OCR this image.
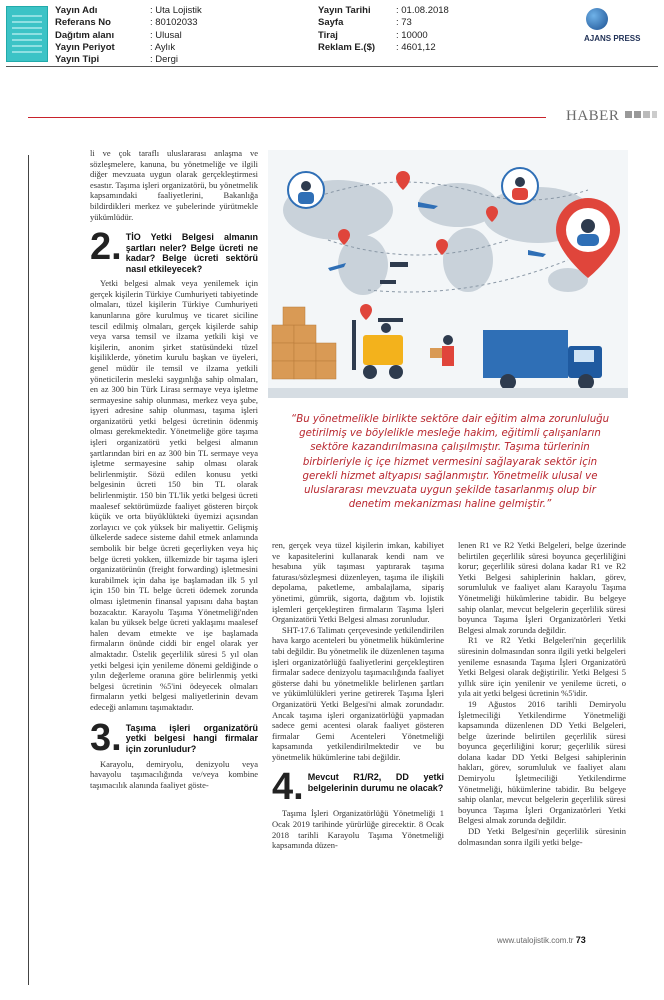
Yayın Adı	: Uta Lojistik
Referans No	: 80102033
Dağıtım alanı	: Ulusal
Yayın Periyot	: Aylık
Yayın Tipi	: Dergi
Yayın Tarihi	: 01.08.2018
Sayfa	: 73
Tiraj	: 10000
Reklam E.($)	: 4601,12
AJANS PRESS
HABER

li ve çok taraflı uluslararası anlaşma ve sözleşmelere, kanuna, bu yönetmeliğe ve ilgili diğer mevzuata uygun olarak gerçekleştirmesi esastır. Taşıma işleri organizatörü, bu yönetmelik kapsamındaki faaliyetlerini, Bakanlığa bildirdikleri merkez ve şubelerinde yürütmekle yükümlüdür.

2. TİO Yetki Belgesi almanın şartları neler? Belge ücreti ne kadar? Belge ücreti sektörü nasıl etkileyecek?

Yetki belgesi almak veya yenilemek için gerçek kişilerin Türkiye Cumhuriyeti tabiyetinde olmaları, tüzel kişilerin Türkiye Cumhuriyeti kanunlarına göre kurulmuş ve ticaret siciline tescil edilmiş olmaları, gerçek kişilerde sahip veya varsa temsil ve ilzama yetkili kişi ve kişilerin, anonim şirket statüsündeki tüzel kişiliklerde, yönetim kurulu başkan ve üyeleri, genel müdür ile temsil ve ilzama yetkili yöneticilerin mesleki saygınlığa sahip olmaları, en az 300 bin Türk Lirası sermaye veya işletme sermayesine sahip olunması, merkez veya şube, işyeri adresine sahip olunması, taşıma işleri organizatörü yetki belgesi ücretinin ödenmiş olması gerekmektedir. Yönetmeliğe göre taşıma işleri organizatörü yetki belgesi almanın şartlarından biri en az 300 bin TL sermaye veya işletme sermayesine sahip olması olarak belirlenmiştir. Sözü edilen konusu yetki belgesinin ücreti 150 bin TL olarak belirlenmiştir. 150 bin TL'lik yetki belgesi ücreti maalesef sektörümüzde faaliyet gösteren birçok küçük ve orta büyüklükteki üyemizi açısından zorlayıcı ve çok yüksek bir maliyettir. Gelişmiş ülkelerde sadece sisteme dahil etmek anlamında sembolik bir belge ücreti geçerliyken veya hiç belge ücreti yokken, ülkemizde bir taşıma işleri organizatörünün (freight forwarding) işletmesini kurabilmek için daha işe başlamadan ilk 5 yıl için 150 bin TL belge ücreti ödemek zorunda olması işletmenin finansal yapısını daha baştan bozacaktır. Karayolu Taşıma Yönetmeliği'nden kalan bu yüksek belge ücreti yaklaşımı maalesef halen devam etmekte ve işe başlamada firmaların önünde ciddi bir engel olarak yer almaktadır. Üstelik geçerlilik süresi 5 yıl olan yetki belgesi için yenileme dönemi geldiğinde o yılın değerleme oranına göre belirlenmiş yetki belgesi ücretinin %5'ini ödeyecek olmaları firmaların yetki belgesi maliyetlerinin devam edeceği anlamını taşımaktadır.

3. Taşıma işleri organizatörü yetki belgesi hangi firmalar için zorunludur?

Karayolu, demiryolu, denizyolu veya havayolu taşımacılığında ve/veya kombine taşımacılık alanında faaliyet göste-

ren, gerçek veya tüzel kişilerin imkan, kabiliyet ve kapasitelerini kullanarak kendi nam ve hesabına yük taşıması yaptırarak taşıma faturası/sözleşmesi düzenleyen, taşıma ile ilişkili depolama, paketleme, ambalajlama, sipariş yönetimi, gümrük, sigorta, dağıtım vb. lojistik işlemleri gerçekleştiren firmaların Taşıma İşleri Organizatörü Yetki Belgesi alması zorunludur.

SHT-17.6 Talimatı çerçevesinde yetkilendirilen hava kargo acenteleri bu yönetmelik hükümlerine tabi değildir. Bu yönetmelik ile düzenlenen taşıma işleri organizatörlüğü faaliyetlerini gerçekleştiren firmalar sadece denizyolu taşımacılığında faaliyet gösterse dahi bu yönetmelikle belirlenen şartları ve yükümlülükleri yerine getirerek Taşıma İşleri Organizatörü Yetki Belgesi'ni almak zorundadır. Ancak taşıma işleri organizatörlüğü yapmadan sadece gemi acentesi olarak faaliyet gösteren firmalar Gemi Acenteleri Yönetmeliği kapsamında yetkilendirilmektedir ve bu yönetmelik hükümlerine tabi değildir.

4. Mevcut R1/R2, DD yetki belgelerinin durumu ne olacak?

Taşıma İşleri Organizatörlüğü Yönetmeliği 1 Ocak 2019 tarihinde yürürlüğe girecektir. 8 Ocak 2018 tarihli Karayolu Taşıma Yönetmeliği kapsamında düzen-

lenen R1 ve R2 Yetki Belgeleri, belge üzerinde belirtilen geçerlilik süresi boyunca geçerliliğini korur; geçerlilik süresi dolana kadar R1 ve R2 Yetki Belgesi sahiplerinin hakları, görev, sorumluluk ve faaliyet alanı Karayolu Taşıma Yönetmeliği hükümlerine tabidir. Bu belgeye sahip olanlar, mevcut belgelerin geçerlilik süresi boyunca Taşıma İşleri Organizatörleri Yetki Belgesi almak zorunda değildir.

R1 ve R2 Yetki Belgeleri'nin geçerlilik süresinin dolmasından sonra ilgili yetki belgeleri yenileme esnasında Taşıma İşleri Organizatörü Yetki Belgesi olarak değiştirilir. Yetki Belgesi 5 yıllık süre için yenilenir ve yenileme ücreti, o yıla ait yetki belgesi ücretinin %5'idir.

19 Ağustos 2016 tarihli Demiryolu İşletmeciliği Yetkilendirme Yönetmeliği kapsamında düzenlenen DD Yetki Belgeleri, belge üzerinde belirtilen geçerlilik süresi boyunca geçerliliğini korur; geçerlilik süresi dolana kadar DD Yetki Belgesi sahiplerinin hakları, görev, sorumluluk ve faaliyet alanı Demiryolu İşletmeciliği Yetkilendirme Yönetmeliği, hükümlerine tabidir. Bu belgeye sahip olanlar, mevcut belgelerin geçerlilik süresi boyunca Taşıma İşleri Organizatörleri Yetki Belgesi almak zorunda değildir.

DD Yetki Belgesi'nin geçerlilik süresinin dolmasından sonra ilgili yetki belge-

“Bu yönetmelikle birlikte sektöre dair eğitim alma zorunluluğu getirilmiş ve böylelikle mesleğe hakim, eğitimli çalışanların sektöre kazandırılmasına çalışılmıştır. Taşıma türlerinin birbirleriyle iç içe hizmet vermesini sağlayarak sektör için gerekli hizmet altyapısı sağlanmıştır. Yönetmelik ulusal ve uluslararası mevzuata uygun şekilde tasarlanmış olup bir denetim mekanizması haline gelmiştir.”
www.utalojistik.com.tr 73
